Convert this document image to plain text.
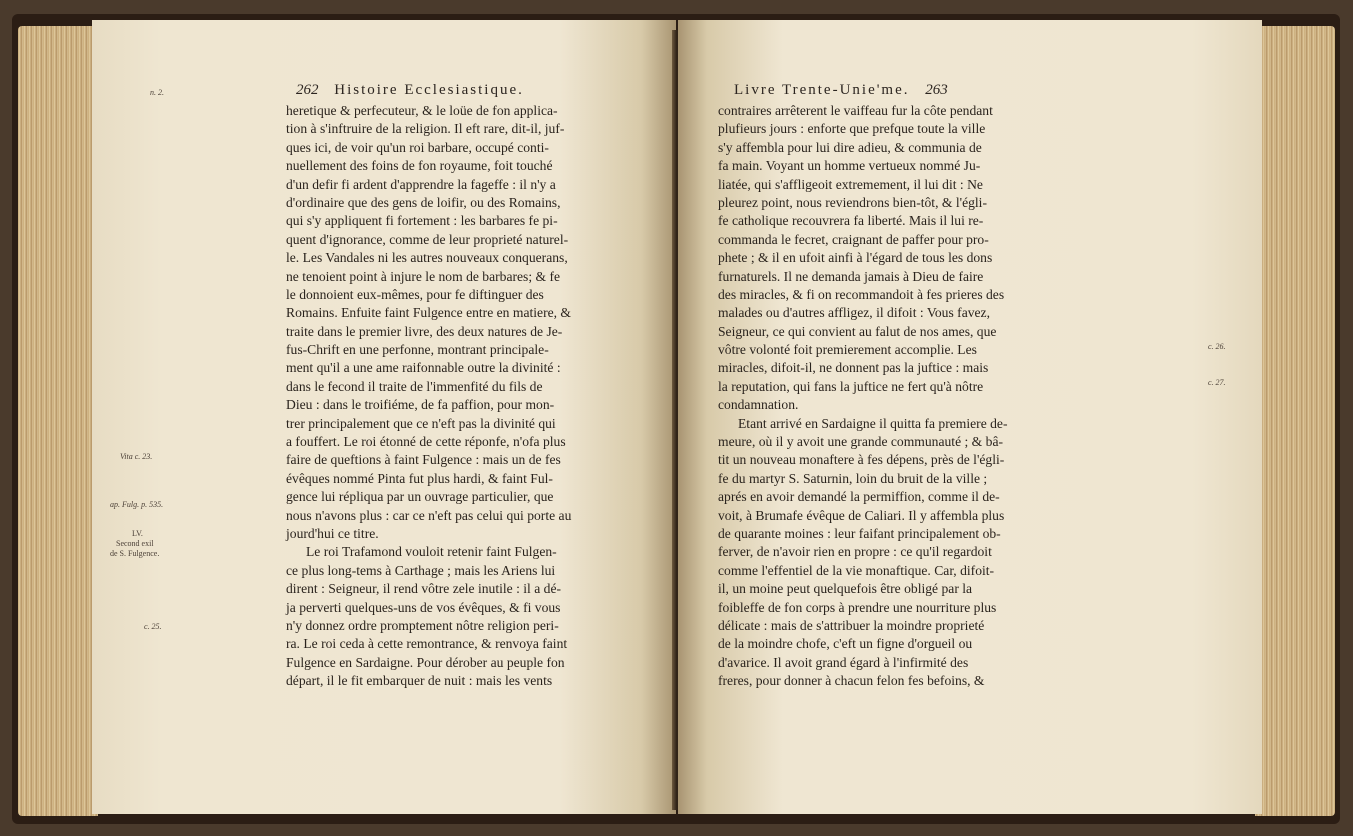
262 Histoire Ecclesiastique.
heretique & perfecuteur, & le loüe de fon applica-
tion à s'inftruire de la religion. Il eft rare, dit-il, juf-
ques ici, de voir qu'un roi barbare, occupé conti-
nuellement des foins de fon royaume, foit touché
d'un defir fi ardent d'apprendre la fageffe : il n'y a
d'ordinaire que des gens de loifir, ou des Romains,
qui s'y appliquent fi fortement : les barbares fe pi-
quent d'ignorance, comme de leur proprieté naturel-
le. Les Vandales ni les autres nouveaux conquerans,
ne tenoient point à injure le nom de barbares; & fe
le donnoient eux-mêmes, pour fe diftinguer des
Romains. Enfuite faint Fulgence entre en matiere, &
traite dans le premier livre, des deux natures de Je-
fus-Chrift en une perfonne, montrant principale-
ment qu'il a une ame raifonnable outre la divinité :
dans le fecond il traite de l'immenfité du fils de
Dieu : dans le troifiéme, de fa paffion, pour mon-
trer principalement que ce n'eft pas la divinité qui
a fouffert. Le roi étonné de cette réponfe, n'ofa plus
faire de queftions à faint Fulgence : mais un de fes
évêques nommé Pinta fut plus hardi, & faint Ful-
gence lui répliqua par un ouvrage particulier, que
nous n'avons plus : car ce n'eft pas celui qui porte au
jourd'hui ce titre.
Le roi Trafamond vouloit retenir faint Fulgen-
ce plus long-tems à Carthage ; mais les Ariens lui
dirent : Seigneur, il rend vôtre zele inutile : il a dé-
ja perverti quelques-uns de vos évêques, & fi vous
n'y donnez ordre promptement nôtre religion peri-
ra. Le roi ceda à cette remontrance, & renvoya faint
Fulgence en Sardaigne. Pour dérober au peuple fon
départ, il le fit embarquer de nuit : mais les vents
n. 2.
Vita c. 23.
ap. Fulg. p. 535.
LV.
Second exil
de S. Fulgence.
c. 25.
Livre Trente-Unie'me. 263
contraires arrêterent le vaiffeau fur la côte pendant
plufieurs jours : enforte que prefque toute la ville
s'y affembla pour lui dire adieu, & communia de
fa main. Voyant un homme vertueux nommé Ju-
liatée, qui s'affligeoit extremement, il lui dit : Ne
pleurez point, nous reviendrons bien-tôt, & l'égli-
fe catholique recouvrera fa liberté. Mais il lui re-
commanda le fecret, craignant de paffer pour pro-
phete ; & il en ufoit ainfi à l'égard de tous les dons
furnaturels. Il ne demanda jamais à Dieu de faire
des miracles, & fi on recommandoit à fes prieres des
malades ou d'autres affligez, il difoit : Vous favez,
Seigneur, ce qui convient au falut de nos ames, que
vôtre volonté foit premierement accomplie. Les
miracles, difoit-il, ne donnent pas la juftice : mais
la reputation, qui fans la juftice ne fert qu'à nôtre
condamnation.
Etant arrivé en Sardaigne il quitta fa premiere de-
meure, où il y avoit une grande communauté ; & bâ-
tit un nouveau monaftere à fes dépens, près de l'égli-
fe du martyr S. Saturnin, loin du bruit de la ville ;
aprés en avoir demandé la permiffion, comme il de-
voit, à Brumafe évêque de Caliari. Il y affembla plus
de quarante moines : leur faifant principalement ob-
ferver, de n'avoir rien en propre : ce qu'il regardoit
comme l'effentiel de la vie monaftique. Car, difoit-
il, un moine peut quelquefois être obligé par la
foibleffe de fon corps à prendre une nourriture plus
délicate : mais de s'attribuer la moindre proprieté
de la moindre chofe, c'eft un figne d'orgueil ou
d'avarice. Il avoit grand égard à l'infirmité des
freres, pour donner à chacun felon fes befoins, &
c. 26.
c. 27.
